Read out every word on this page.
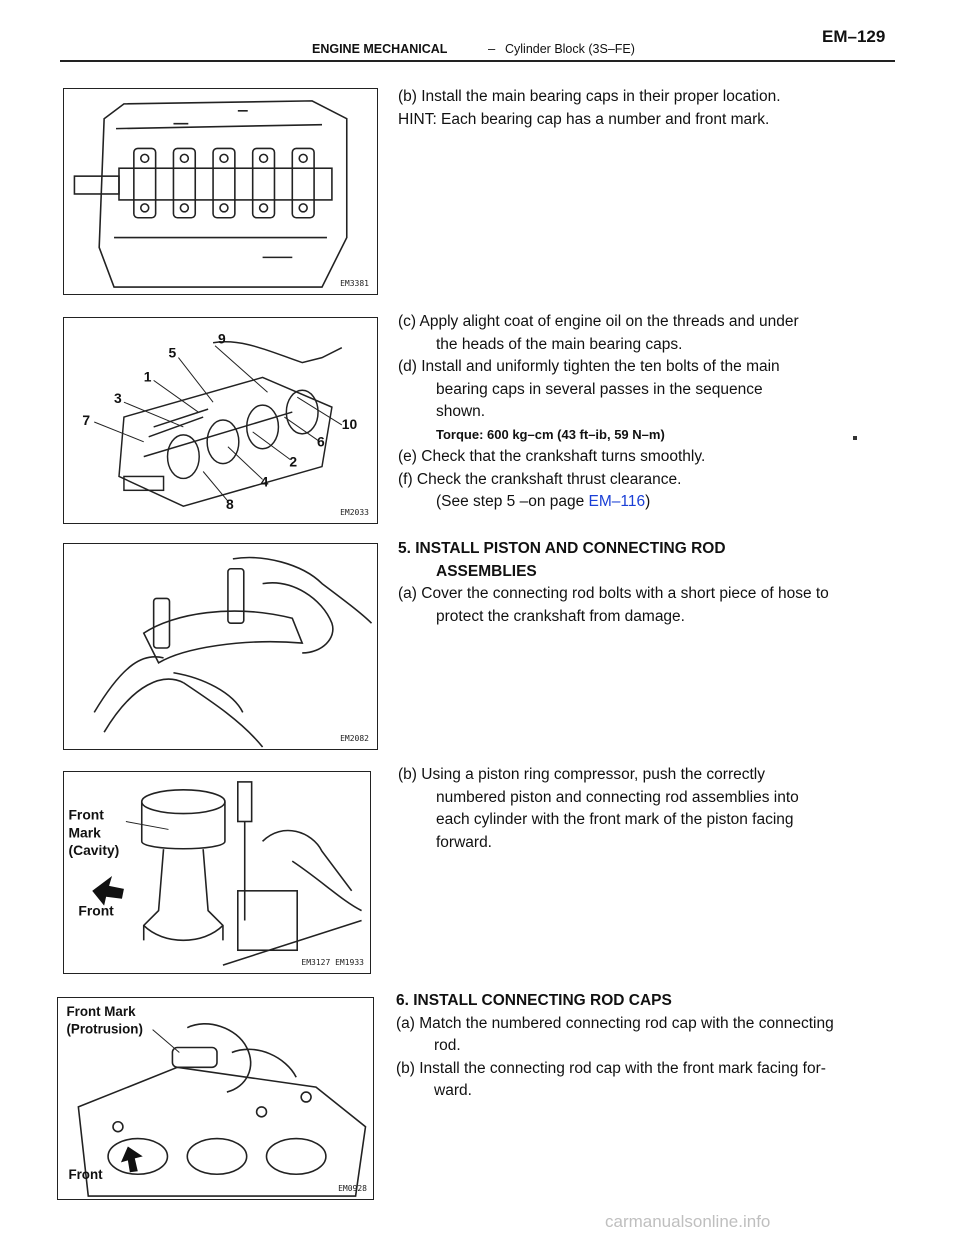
ENGINE MECHANICAL	– Cylinder Block (3S–FE)
EM–129
EM3381
9
5
1
3
7	10
6
2
4
8
EM2033
EM2082
Front
Mark
(Cavity)
Front
EM3127 EM1933
Front Mark
(Protrusion)
Front
EM0928
(b) Install the main bearing caps in their proper location.
HINT: Each bearing cap has a number and front mark.
(c) Apply alight coat of engine oil on the threads and under
the heads of the main bearing caps.
(d) Install and uniformly tighten the ten bolts of the main
bearing caps in several passes in the sequence
shown.
Torque: 600 kg–cm (43 ft–ib, 59 N–m)
(e) Check that the crankshaft turns smoothly.
(f) Check the crankshaft thrust clearance.
(See step 5 –on page EM–116)
5. INSTALL PISTON AND CONNECTING ROD
ASSEMBLIES
(a) Cover the connecting rod bolts with a short piece of hose to
protect the crankshaft from damage.
(b) Using a piston ring compressor, push the correctly
numbered piston and connecting rod assemblies into
each cylinder with the front mark of the piston facing
forward.
6. INSTALL CONNECTING ROD CAPS
(a) Match the numbered connecting rod cap with the connecting
rod.
(b) Install the connecting rod cap with the front mark facing for-
ward.
carmanualsonline.info
